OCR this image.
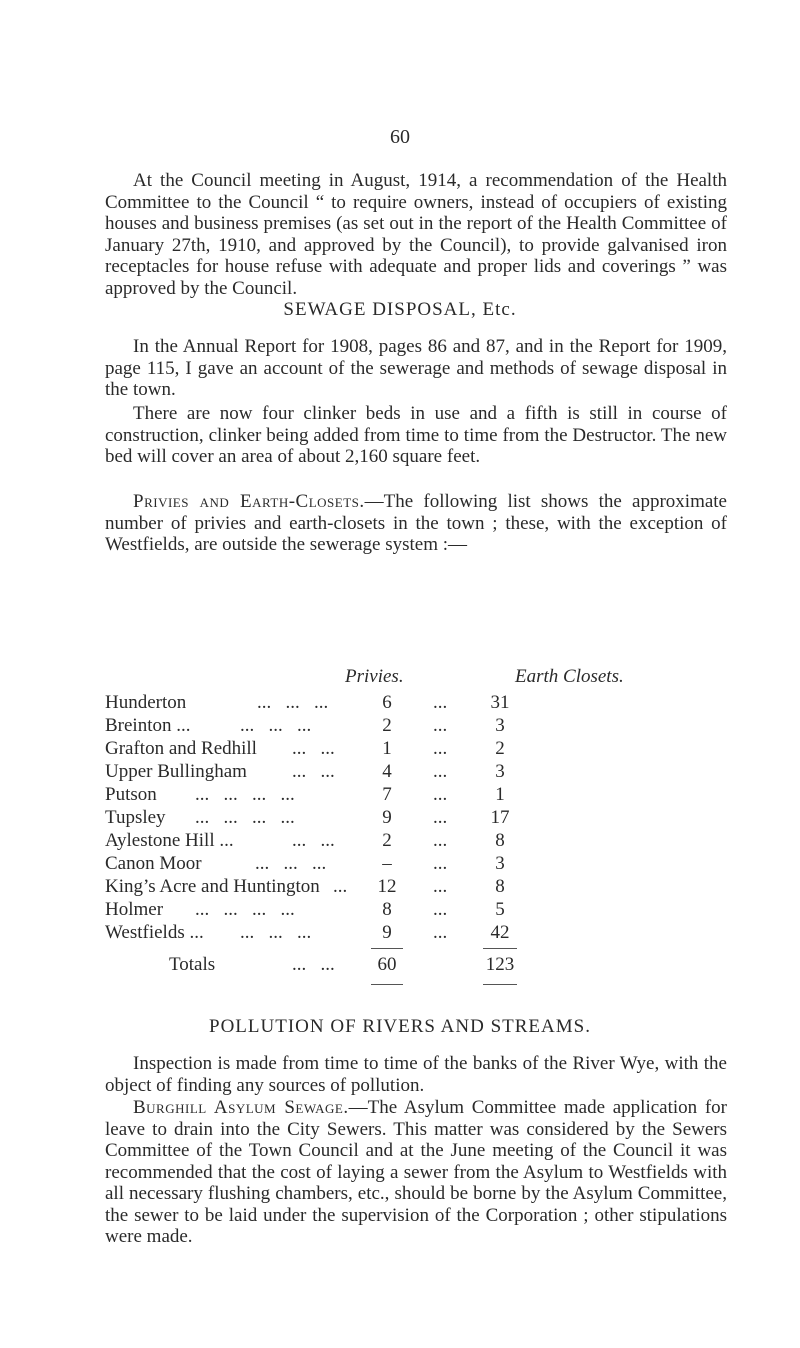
60

At the Council meeting in August, 1914, a recommendation of the Health Committee to the Council “ to require owners, instead of occupiers of existing houses and business premises (as set out in the report of the Health Committee of January 27th, 1910, and approved by the Council), to provide galvanised iron receptacles for house refuse with adequate and proper lids and coverings ” was approved by the Council.

SEWAGE DISPOSAL, Etc.

In the Annual Report for 1908, pages 86 and 87, and in the Report for 1909, page 115, I gave an account of the sewerage and methods of sewage disposal in the town.

There are now four clinker beds in use and a fifth is still in course of construction, clinker being added from time to time from the Destructor. The new bed will cover an area of about 2,160 square feet.

Privies and Earth-Closets.—The following list shows the approximate number of privies and earth-closets in the town ; these, with the exception of Westfields, are outside the sewerage system :—

Privies.	Earth Closets.
Hunderton	...   ...   ...	6	...	31
Breinton ...	...   ...   ...	2	...	3
Grafton and Redhill ...   ...	1	...	2
Upper Bullingham ...   ...	4	...	3
Putson ...   ...   ...   ...	7	...	1
Tupsley ...   ...   ...   ...	9	...	17
Aylestone Hill ...	...   ...	2	...	8
Canon Moor	...   ...   ...	–	...	3
King’s Acre and Huntington ...	12	...	8
Holmer ...   ...   ...   ...	8	...	5
Westfields ... ...   ...   ...	9	...	42
Totals	...   ...	60	123

POLLUTION OF RIVERS AND STREAMS.

Inspection is made from time to time of the banks of the River Wye, with the object of finding any sources of pollution.

Burghill Asylum Sewage.—The Asylum Committee made application for leave to drain into the City Sewers. This matter was considered by the Sewers Committee of the Town Council and at the June meeting of the Council it was recommended that the cost of laying a sewer from the Asylum to Westfields with all necessary flushing chambers, etc., should be borne by the Asylum Committee, the sewer to be laid under the supervision of the Corporation ; other stipulations were made.
